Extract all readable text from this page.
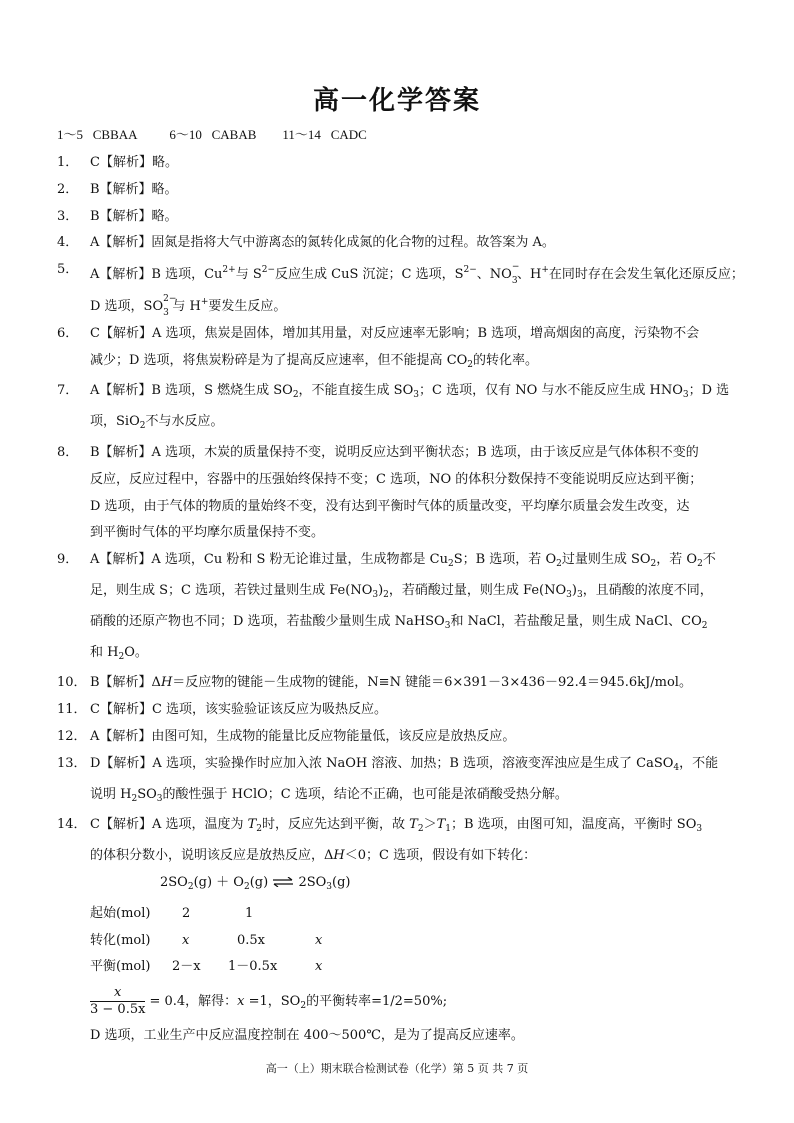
高一化学答案
1～5 CBBAA	6～10 CABAB 11～14 CADC
1． C【解析】略。
2． B【解析】略。
3． B【解析】略。
4． A【解析】固氮是指将大气中游离态的氮转化成氮的化合物的过程。故答案为 A。
5． A【解析】B 选项，$Cu^{2+}$与 $S^{2-}$反应生成 CuS 沉淀；C 选项，$S^{2-}$、NO −
3 、H+在同时存在会发生氧化还原反应；
D 选项，SO 2−
3 与 H+要发生反应。
6． C【解析】A 选项，焦炭是固体，增加其用量，对反应速率无影响；B 选项，增高烟囱的高度，污染物不会
减少；D 选项，将焦炭粉碎是为了提高反应速率，但不能提高 $CO_2$的转化率。
7． A【解析】B 选项，S 燃烧生成 $SO_2$，不能直接生成 $SO_3$；C 选项，仅有 NO 与水不能反应生成 $HNO_3$；D 选
项，SiO$_2$不与水反应。
8． B【解析】A 选项，木炭的质量保持不变，说明反应达到平衡状态；B 选项，由于该反应是气体体积不变的
反应，反应过程中，容器中的压强始终保持不变；C 选项，NO 的体积分数保持不变能说明反应达到平衡；
D 选项，由于气体的物质的量始终不变，没有达到平衡时气体的质量改变，平均摩尔质量会发生改变，达
到平衡时气体的平均摩尔质量保持不变。
9． A【解析】A 选项，Cu 粉和 S 粉无论谁过量，生成物都是 $Cu_2S$；B 选项，若 $O_2$过量则生成 $SO_2$，若 $O_2$不
足，则生成 S；C 选项，若铁过量则生成 $Fe(NO_3)_2$，若硝酸过量，则生成 $Fe(NO_3)_3$，且硝酸的浓度不同，
硝酸的还原产物也不同；D 选项，若盐酸少量则生成 NaHSO$_3$和 NaCl，若盐酸足量，则生成 NaCl、$CO_2$
和 $H_2O$。
10． B【解析】ΔH＝反应物的键能－生成物的键能，N≡N 键能＝6×391－3×436－92.4＝945.6kJ/mol。
11． C【解析】C 选项，该实验验证该反应为吸热反应。
12． A【解析】由图可知，生成物的能量比反应物能量低，该反应是放热反应。
13． D【解析】A 选项，实验操作时应加入浓 NaOH 溶液、加热；B 选项，溶液变浑浊应是生成了 CaSO$_4$，不能
说明 $H_2SO_3$的酸性强于 HClO；C 选项，结论不正确，也可能是浓硝酸受热分解。
14． C【解析】A 选项，温度为 $T_2$时，反应先达到平衡，故 $T_2>T_1$；B 选项，由图可知，温度高，平衡时 $SO_3$
的体积分数小，说明该反应是放热反应，ΔH＜0；C 选项，假设有如下转化：
$2SO_2(g) + O_2(g)$ ⇌ $2SO_3(g)$
起始(mol) 2	1
转化(mol) x	0.5x	x
平衡(mol) 2－x 1－0.5x	x
$\frac{x}{3 - 0.5x} = 0.4$，解得：x =1，$SO_2$的平衡转率=1/2=50%;
D 选项，工业生产中反应温度控制在 400～500℃，是为了提高反应速率。
高一（上）期末联合检测试卷（化学）第 5 页 共 7 页
